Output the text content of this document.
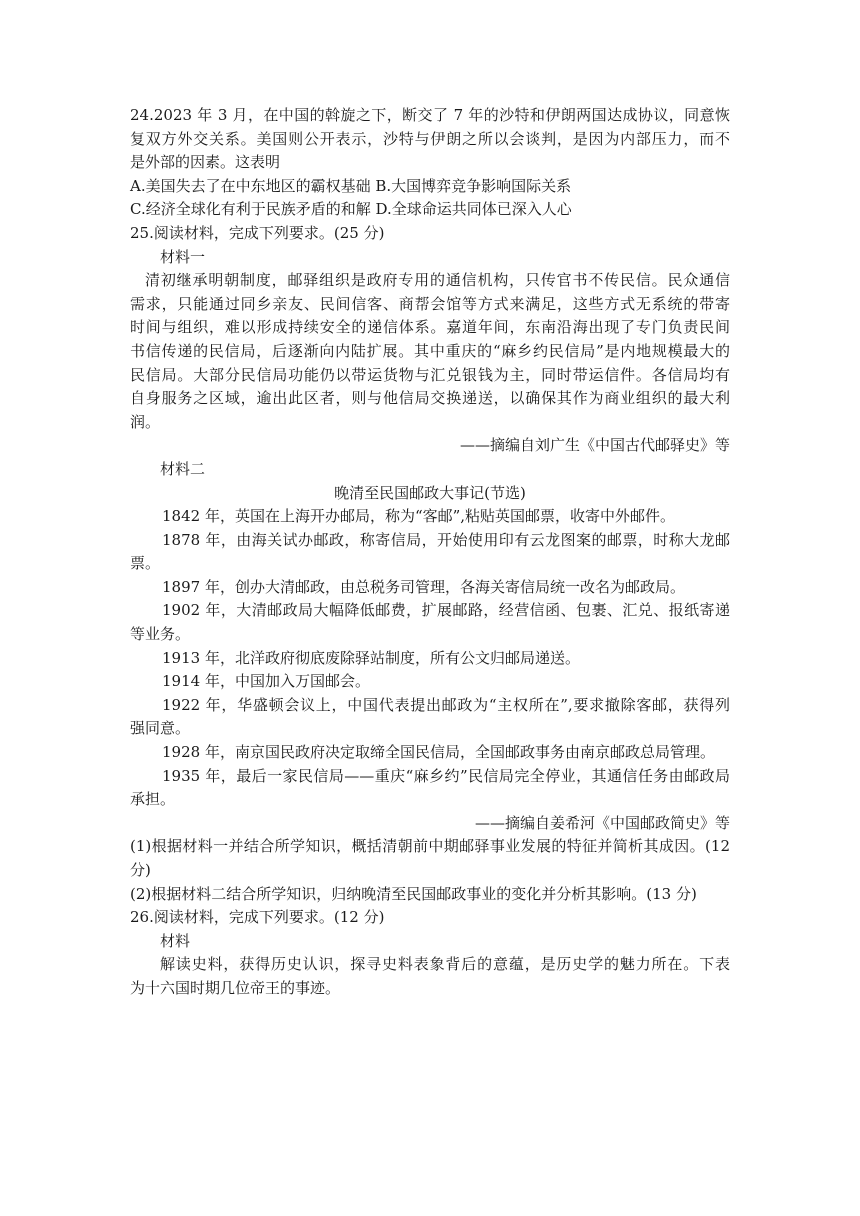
24.2023 年 3 月，在中国的斡旋之下，断交了 7 年的沙特和伊朗两国达成协议，同意恢
复双方外交关系。美国则公开表示，沙特与伊朗之所以会谈判，是因为内部压力，而不
是外部的因素。这表明
A.美国失去了在中东地区的霸权基础 B.大国博弈竞争影响国际关系
C.经济全球化有利于民族矛盾的和解 D.全球命运共同体已深入人心
25.阅读材料，完成下列要求。(25 分)
材料一
清初继承明朝制度，邮驿组织是政府专用的通信机构，只传官书不传民信。民众通信
需求，只能通过同乡亲友、民间信客、商帮会馆等方式来满足，这些方式无系统的带寄
时间与组织，难以形成持续安全的递信体系。嘉道年间，东南沿海出现了专门负责民间
书信传递的民信局，后逐渐向内陆扩展。其中重庆的“麻乡约民信局”是内地规模最大的
民信局。大部分民信局功能仍以带运货物与汇兑银钱为主，同时带运信件。各信局均有
自身服务之区域，逾出此区者，则与他信局交换递送，以确保其作为商业组织的最大利
润。
——摘编自刘广生《中国古代邮驿史》等
材料二
晚清至民国邮政大事记(节选)
1842 年，英国在上海开办邮局，称为“客邮”,粘贴英国邮票，收寄中外邮件。
1878 年，由海关试办邮政，称寄信局，开始使用印有云龙图案的邮票，时称大龙邮
票。
1897 年，创办大清邮政，由总税务司管理，各海关寄信局统一改名为邮政局。
1902 年，大清邮政局大幅降低邮费，扩展邮路，经营信函、包裹、汇兑、报纸寄递
等业务。
1913 年，北洋政府彻底废除驿站制度，所有公文归邮局递送。
1914 年，中国加入万国邮会。
1922 年，华盛顿会议上，中国代表提出邮政为“主权所在”,要求撤除客邮，获得列
强同意。
1928 年，南京国民政府决定取缔全国民信局，全国邮政事务由南京邮政总局管理。
1935 年，最后一家民信局——重庆“麻乡约”民信局完全停业，其通信任务由邮政局
承担。
——摘编自姜希河《中国邮政简史》等
(1)根据材料一并结合所学知识，概括清朝前中期邮驿事业发展的特征并简析其成因。(12
分)
(2)根据材料二结合所学知识，归纳晚清至民国邮政事业的变化并分析其影响。(13 分)
26.阅读材料，完成下列要求。(12 分)
材料
解读史料，获得历史认识，探寻史料表象背后的意蕴，是历史学的魅力所在。下表
为十六国时期几位帝王的事迹。
